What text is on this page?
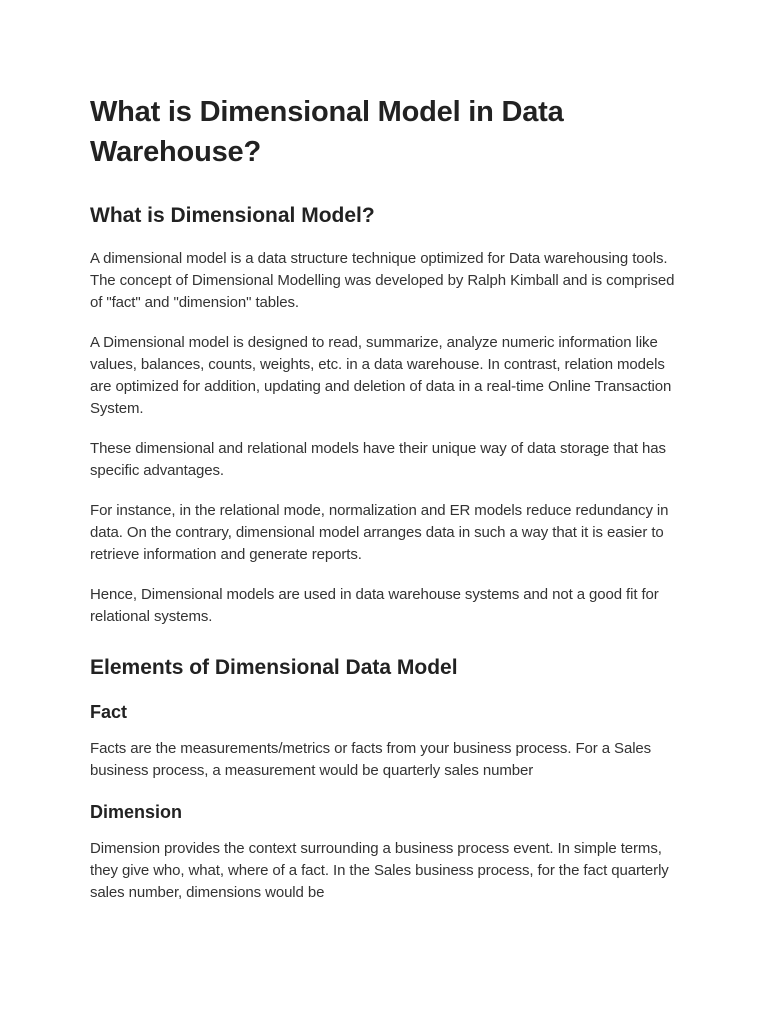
What is Dimensional Model in Data Warehouse?
What is Dimensional Model?

A dimensional model is a data structure technique optimized for Data warehousing tools. The concept of Dimensional Modelling was developed by Ralph Kimball and is comprised of "fact" and "dimension" tables.

A Dimensional model is designed to read, summarize, analyze numeric information like values, balances, counts, weights, etc. in a data warehouse. In contrast, relation models are optimized for addition, updating and deletion of data in a real-time Online Transaction System.

These dimensional and relational models have their unique way of data storage that has specific advantages.

For instance, in the relational mode, normalization and ER models reduce redundancy in data. On the contrary, dimensional model arranges data in such a way that it is easier to retrieve information and generate reports.

Hence, Dimensional models are used in data warehouse systems and not a good fit for relational systems.

Elements of Dimensional Data Model
Fact

Facts are the measurements/metrics or facts from your business process. For a Sales business process, a measurement would be quarterly sales number

Dimension

Dimension provides the context surrounding a business process event. In simple terms, they give who, what, where of a fact. In the Sales business process, for the fact quarterly sales number, dimensions would be
